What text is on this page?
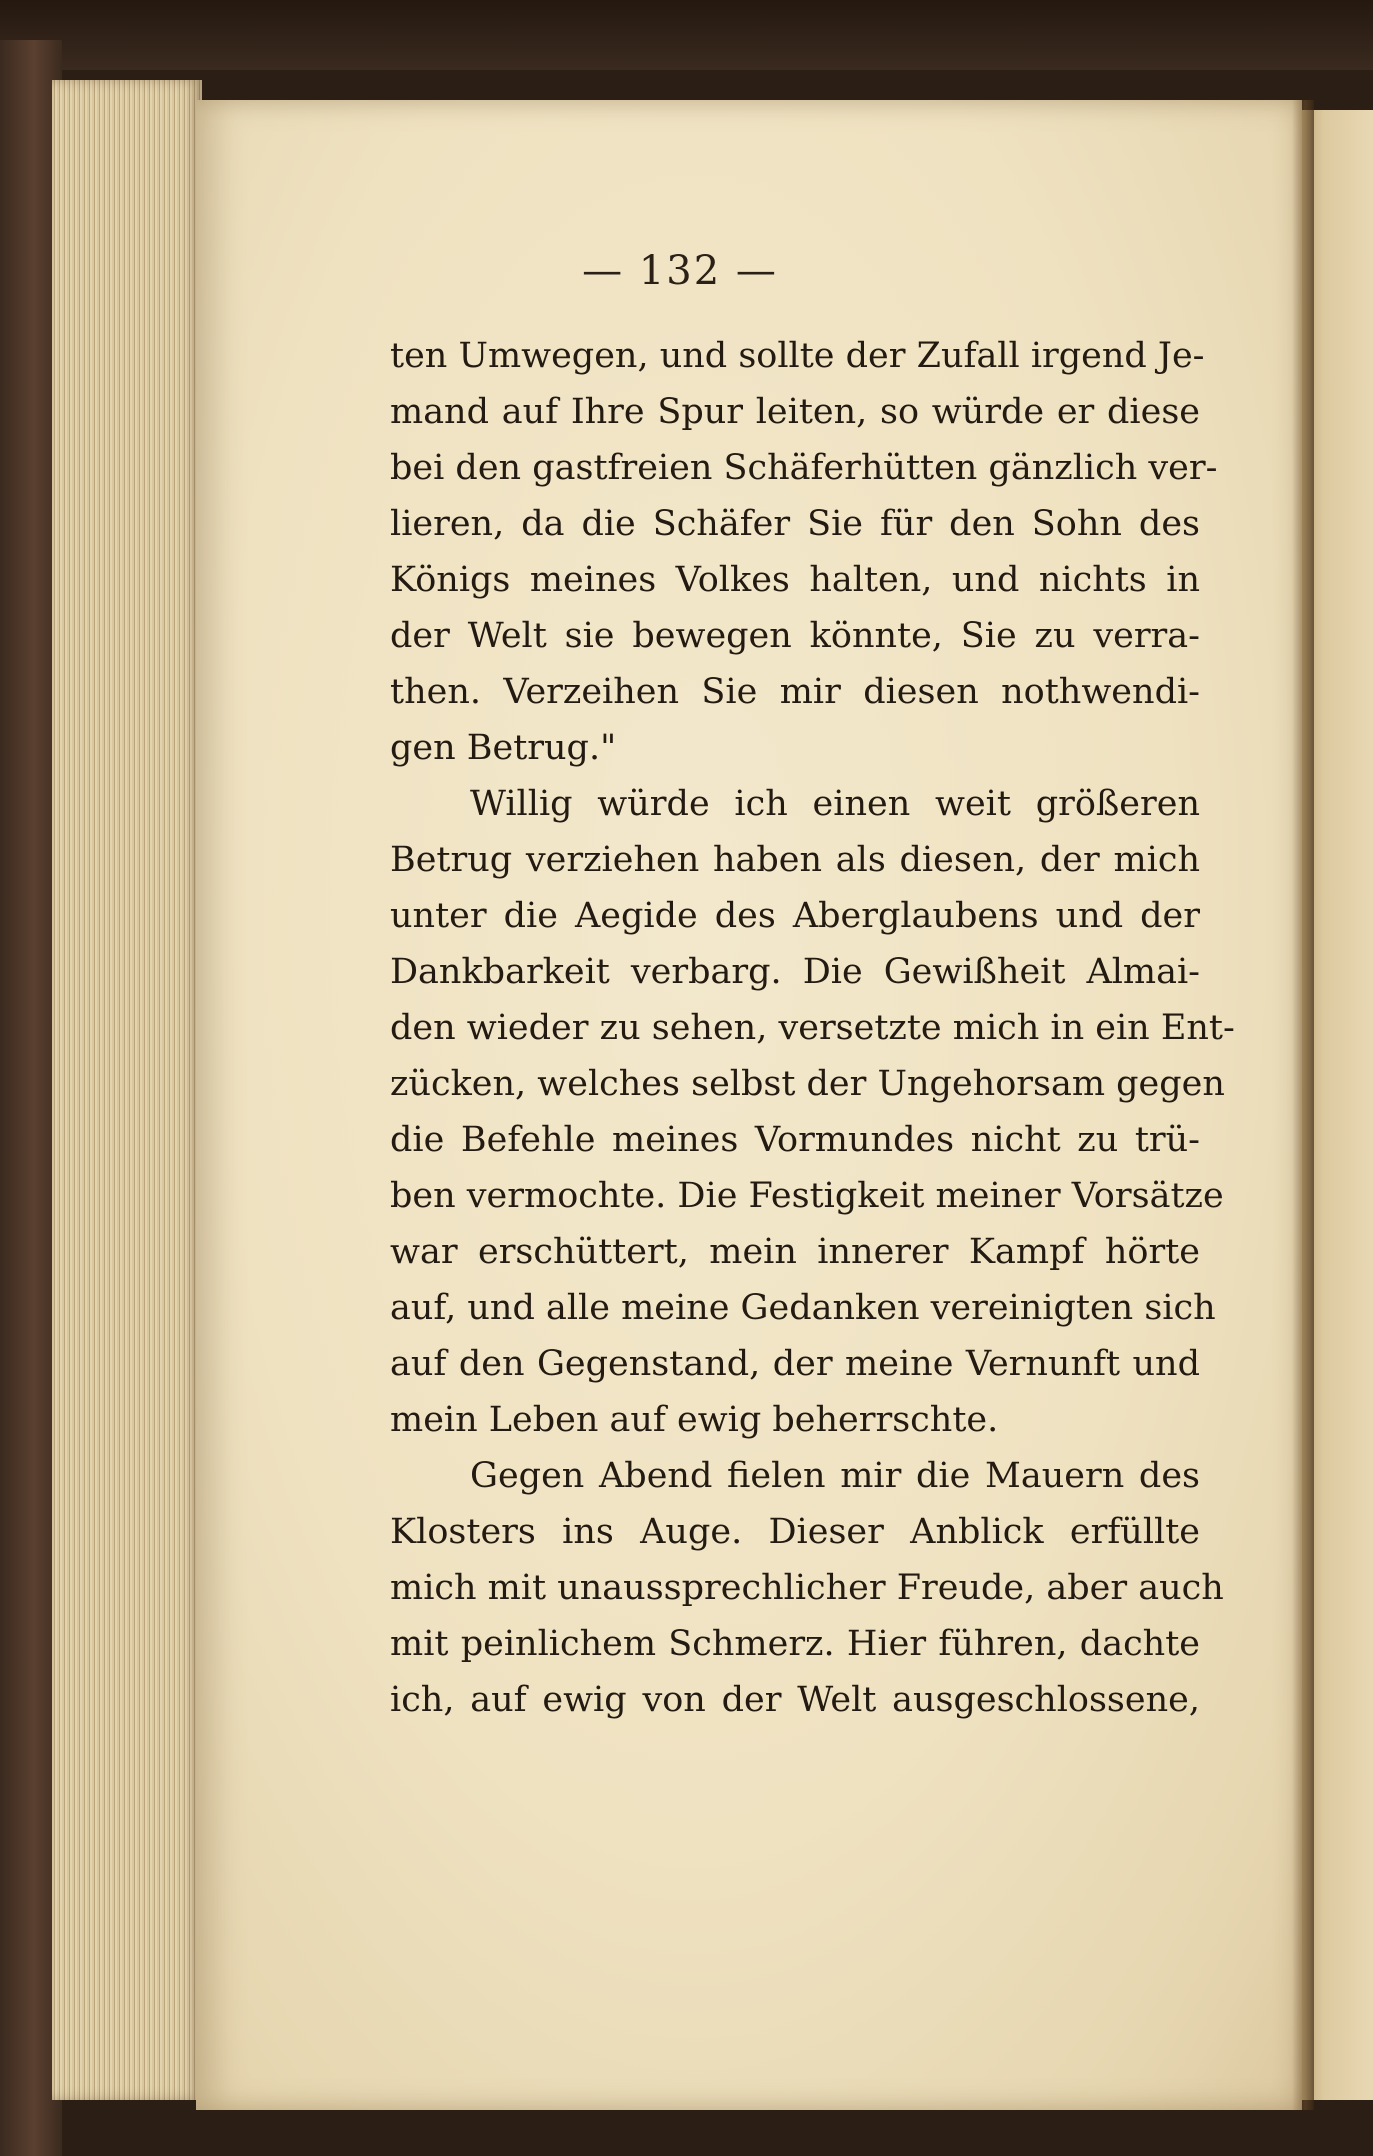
— 132 —
ten Umwegen, und sollte der Zufall irgend Je-
mand auf Ihre Spur leiten, so würde er diese
bei den gastfreien Schäferhütten gänzlich ver-
lieren, da die Schäfer Sie für den Sohn des
Königs meines Volkes halten, und nichts in
der Welt sie bewegen könnte, Sie zu verra-
then. Verzeihen Sie mir diesen nothwendi-
gen Betrug."
Willig würde ich einen weit größeren
Betrug verziehen haben als diesen, der mich
unter die Aegide des Aberglaubens und der
Dankbarkeit verbarg. Die Gewißheit Almai-
den wieder zu sehen, versetzte mich in ein Ent-
zücken, welches selbst der Ungehorsam gegen
die Befehle meines Vormundes nicht zu trü-
ben vermochte. Die Festigkeit meiner Vorsätze
war erschüttert, mein innerer Kampf hörte
auf, und alle meine Gedanken vereinigten sich
auf den Gegenstand, der meine Vernunft und
mein Leben auf ewig beherrschte.
Gegen Abend fielen mir die Mauern des
Klosters ins Auge. Dieser Anblick erfüllte
mich mit unaussprechlicher Freude, aber auch
mit peinlichem Schmerz. Hier führen, dachte
ich, auf ewig von der Welt ausgeschlossene,
